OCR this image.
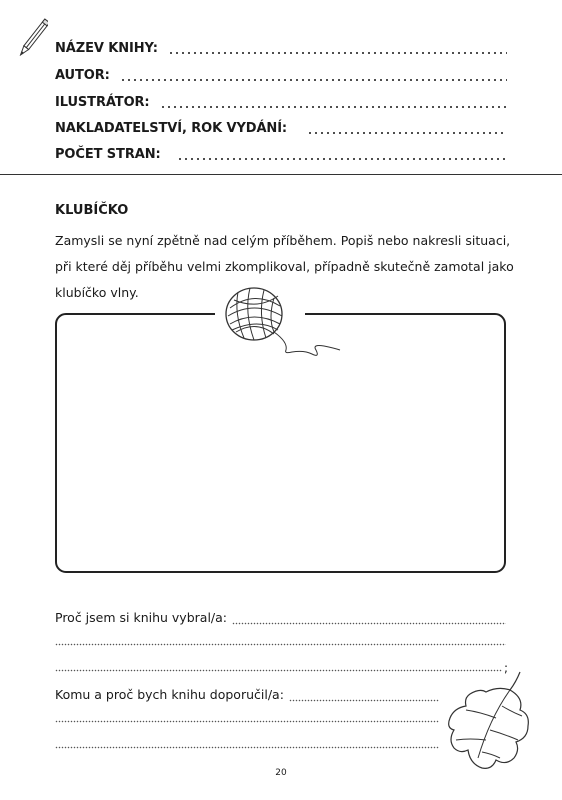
NÁZEV KNIHY:
AUTOR:
ILUSTRÁTOR:
NAKLADATELSTVÍ, ROK VYDÁNÍ:
POČET STRAN:
KLUBÍČKO
Zamysli se nyní zpětně nad celým příběhem. Popiš nebo nakresli situaci,
při které děj příběhu velmi zkomplikoval, případně skutečně zamotal jako
klubíčko vlny.
Proč jsem si knihu vybral/a:
;
Komu a proč bych knihu doporučil/a:
20
